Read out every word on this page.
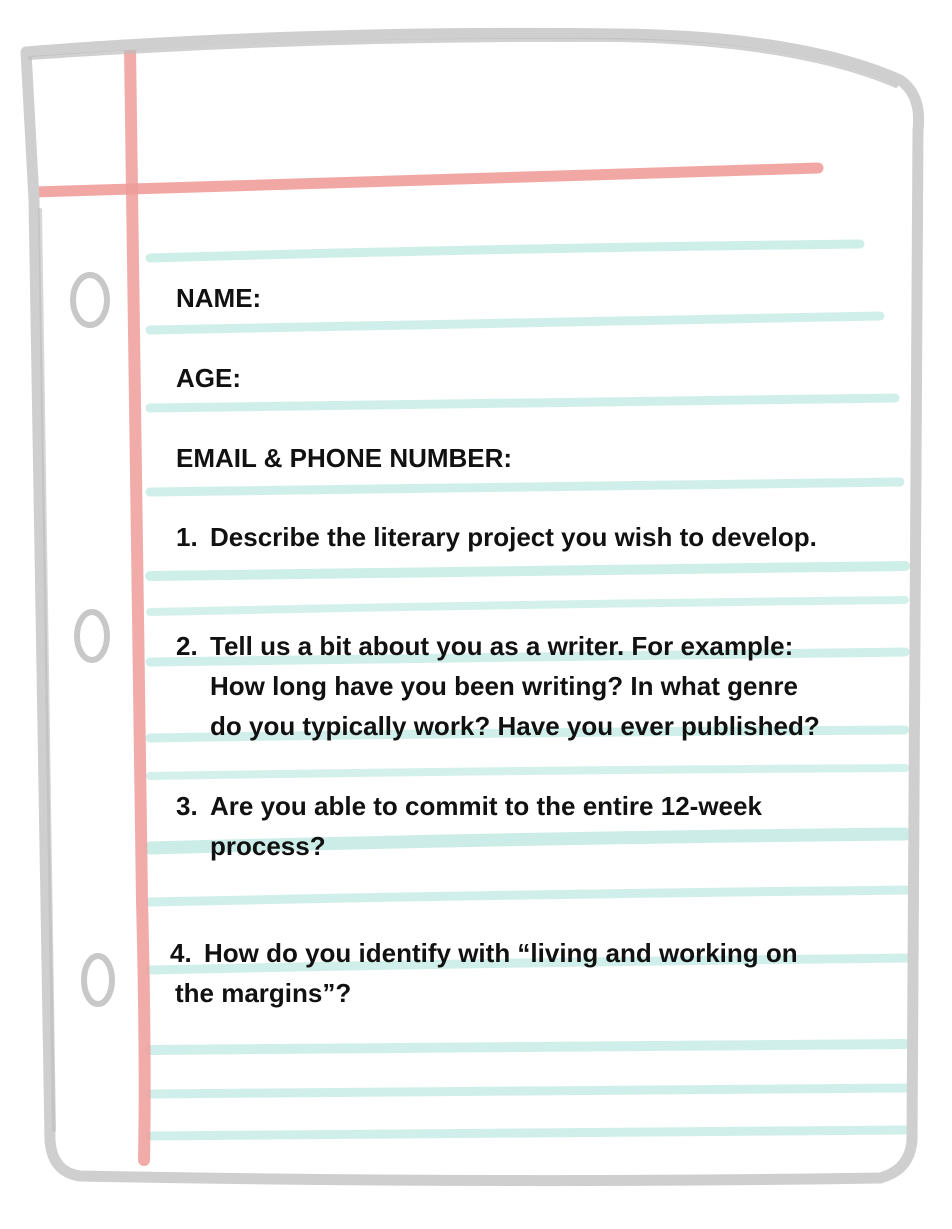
NAME:

AGE:

EMAIL & PHONE NUMBER:

1. Describe the literary project you wish to develop.
2. Tell us a bit about you as a writer. For example:
How long have you been writing? In what genre
do you typically work? Have you ever published?
3. Are you able to commit to the entire 12-week
process?
4. How do you identify with “living and working on
the margins”?
